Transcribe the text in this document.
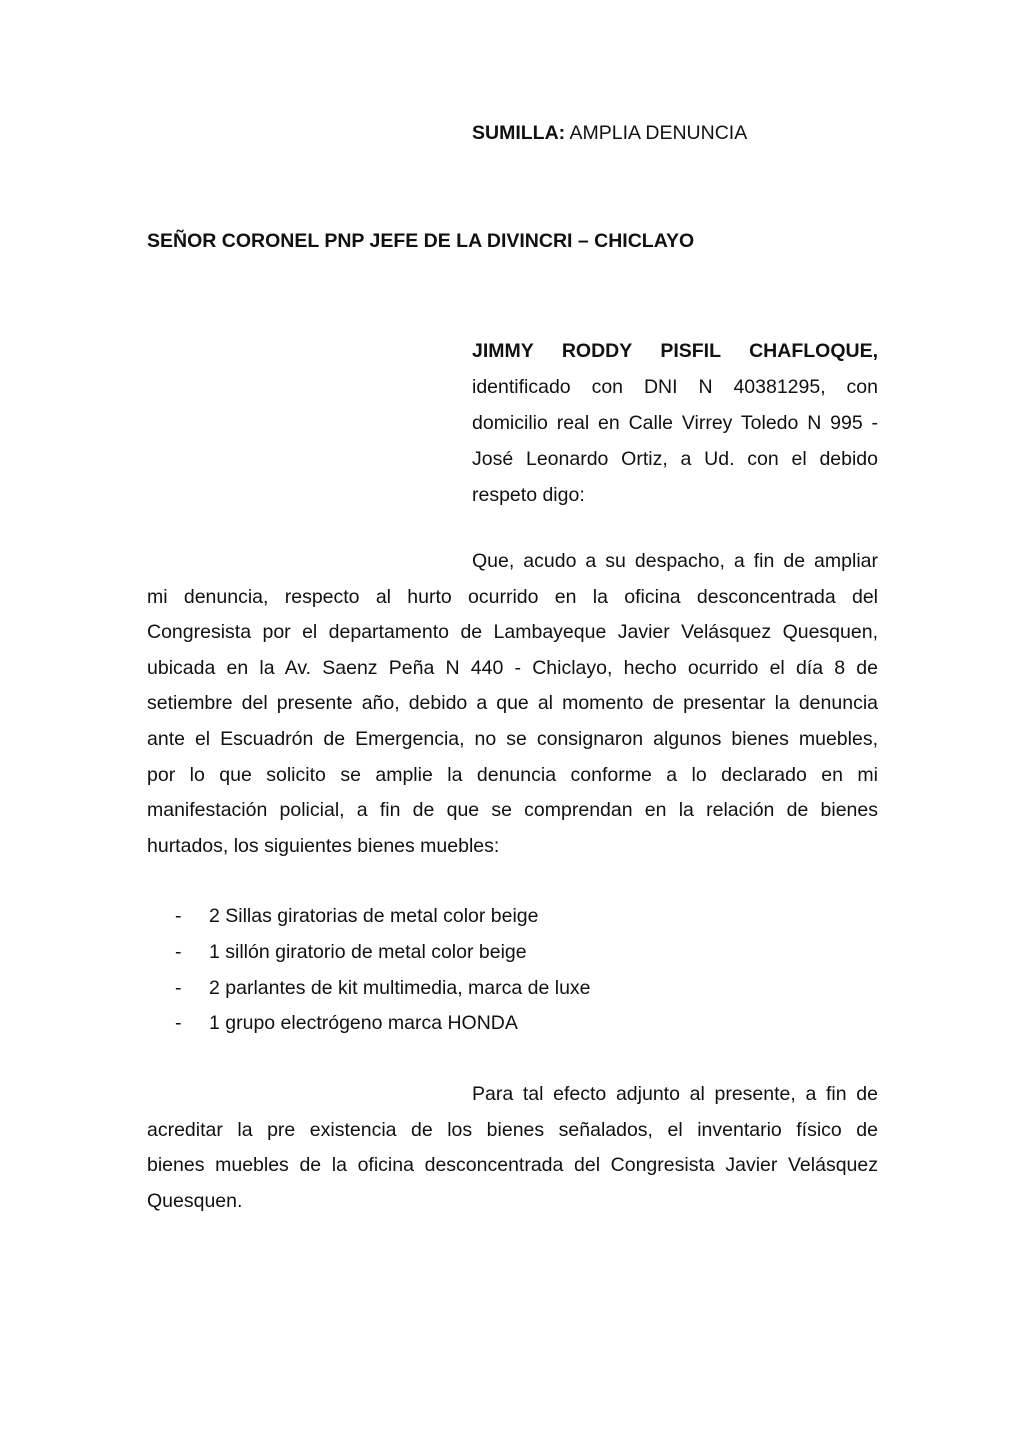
SUMILLA: AMPLIA DENUNCIA
SEÑOR CORONEL PNP JEFE DE LA DIVINCRI – CHICLAYO
JIMMY RODDY PISFIL CHAFLOQUE,
identificado con DNI N 40381295, con
domicilio real en Calle Virrey Toledo N 995 -
José Leonardo Ortiz, a Ud. con el debido
respeto digo:
Que, acudo a su despacho, a fin de ampliar
mi denuncia, respecto al hurto ocurrido en la oficina desconcentrada del
Congresista por el departamento de Lambayeque Javier Velásquez Quesquen,
ubicada en la Av. Saenz Peña N 440 - Chiclayo, hecho ocurrido el día 8 de
setiembre del presente año, debido a que al momento de presentar la denuncia
ante el Escuadrón de Emergencia, no se consignaron algunos bienes muebles,
por lo que solicito se amplie la denuncia conforme a lo declarado en mi
manifestación policial, a fin de que se comprendan en la relación de bienes
hurtados, los siguientes bienes muebles:
- 2 Sillas giratorias de metal color beige
- 1 sillón giratorio de metal color beige
- 2 parlantes de kit multimedia, marca de luxe
- 1 grupo electrógeno marca HONDA
Para tal efecto adjunto al presente, a fin de
acreditar la pre existencia de los bienes señalados, el inventario físico de
bienes muebles de la oficina desconcentrada del Congresista Javier Velásquez
Quesquen.
